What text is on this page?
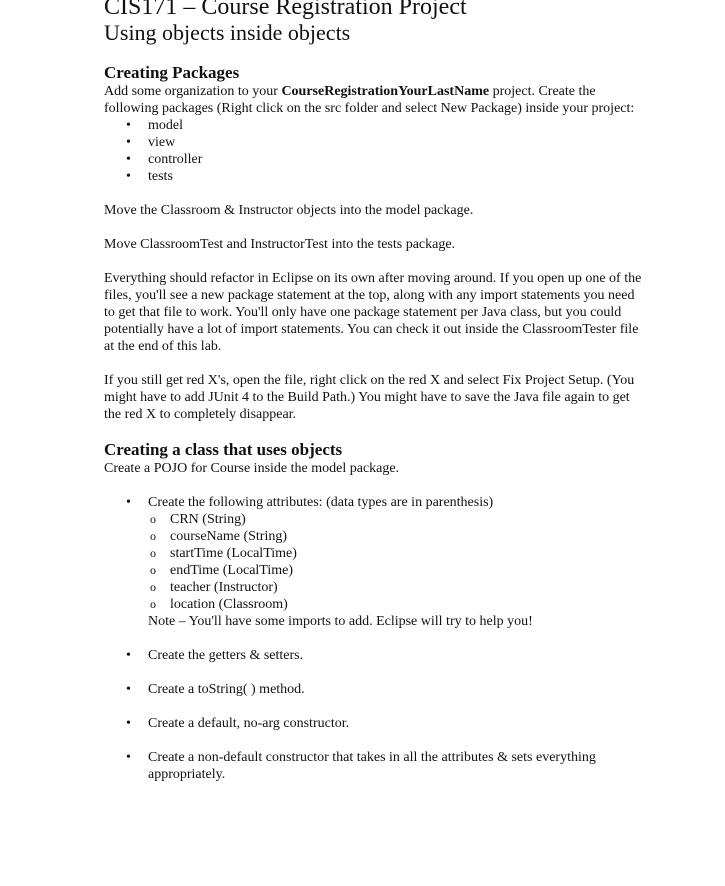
CIS171 – Course Registration Project
Using objects inside objects
Creating Packages

Add some organization to your CourseRegistrationYourLastName project. Create the following packages (Right click on the src folder and select New Package) inside your project:

• model
• view
• controller
• tests

Move the Classroom & Instructor objects into the model package.

Move ClassroomTest and InstructorTest into the tests package.

Everything should refactor in Eclipse on its own after moving around. If you open up one of the files, you'll see a new package statement at the top, along with any import statements you need to get that file to work. You'll only have one package statement per Java class, but you could potentially have a lot of import statements. You can check it out inside the ClassroomTester file at the end of this lab.

If you still get red X's, open the file, right click on the red X and select Fix Project Setup. (You might have to add JUnit 4 to the Build Path.) You might have to save the Java file again to get the red X to completely disappear.

Creating a class that uses objects

Create a POJO for Course inside the model package.

• Create the following attributes: (data types are in parenthesis)
o CRN (String)
o courseName (String)
o startTime (LocalTime)
o endTime (LocalTime)
o teacher (Instructor)
o location (Classroom)
Note – You'll have some imports to add. Eclipse will try to help you!
• Create the getters & setters.
• Create a toString( ) method.
• Create a default, no-arg constructor.
• Create a non-default constructor that takes in all the attributes & sets everything appropriately.
